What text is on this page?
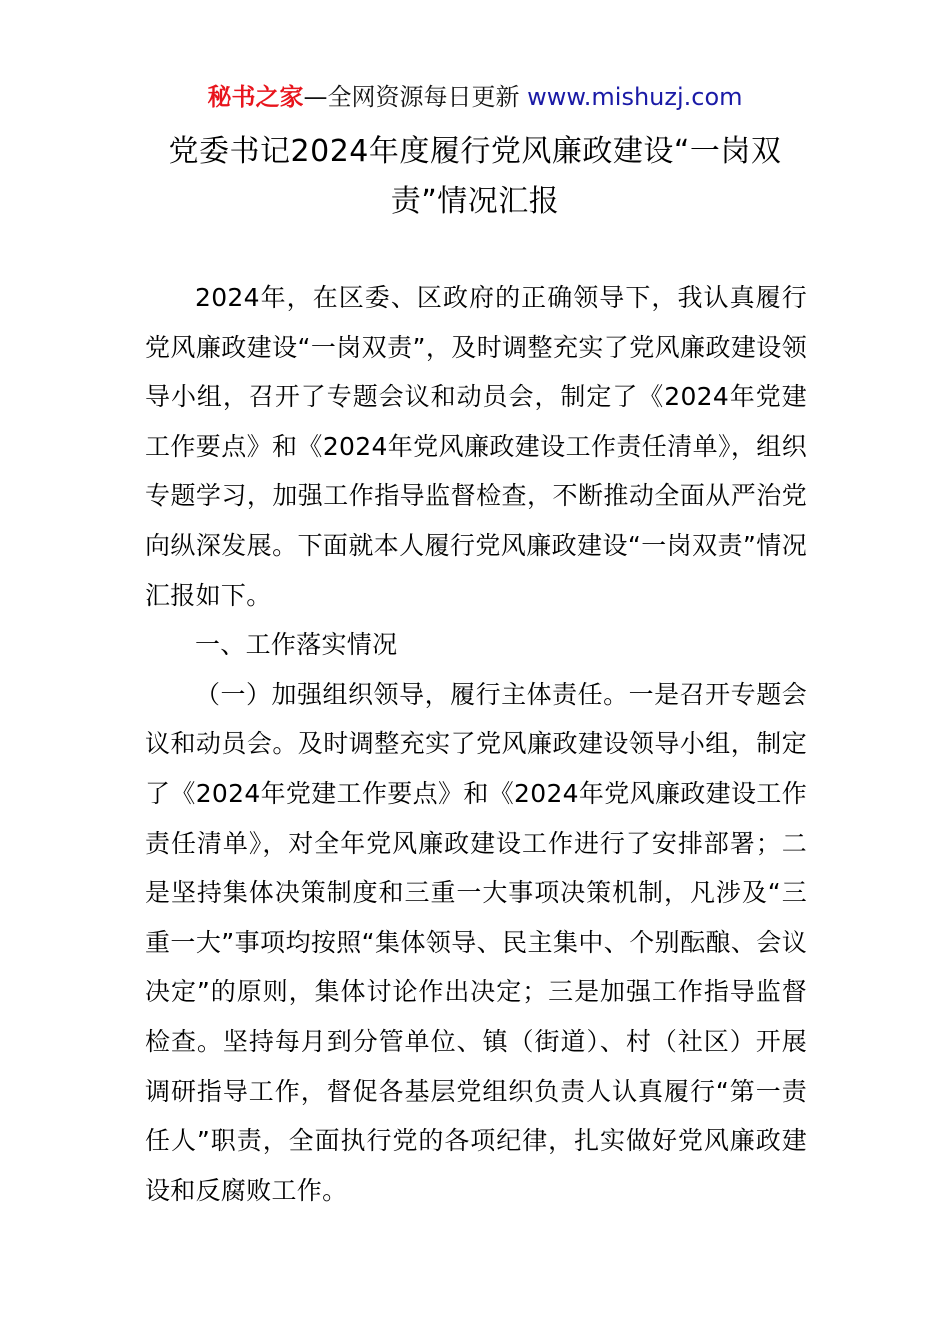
秘书之家—全网资源每日更新 www.mishuzj.com
党委书记2024年度履行党风廉政建设“一岗双责”情况汇报

2024年，在区委、区政府的正确领导下，我认真履行党风廉政建设“一岗双责”，及时调整充实了党风廉政建设领导小组，召开了专题会议和动员会，制定了《2024年党建工作要点》和《2024年党风廉政建设工作责任清单》，组织专题学习，加强工作指导监督检查，不断推动全面从严治党向纵深发展。下面就本人履行党风廉政建设“一岗双责”情况汇报如下。

一、工作落实情况

（一）加强组织领导，履行主体责任。一是召开专题会议和动员会。及时调整充实了党风廉政建设领导小组，制定了《2024年党建工作要点》和《2024年党风廉政建设工作责任清单》，对全年党风廉政建设工作进行了安排部署；二是坚持集体决策制度和三重一大事项决策机制，凡涉及“三重一大”事项均按照“集体领导、民主集中、个别酝酿、会议决定”的原则，集体讨论作出决定；三是加强工作指导监督检查。坚持每月到分管单位、镇（街道）、村（社区）开展调研指导工作，督促各基层党组织负责人认真履行“第一责任人”职责，全面执行党的各项纪律，扎实做好党风廉政建设和反腐败工作。
